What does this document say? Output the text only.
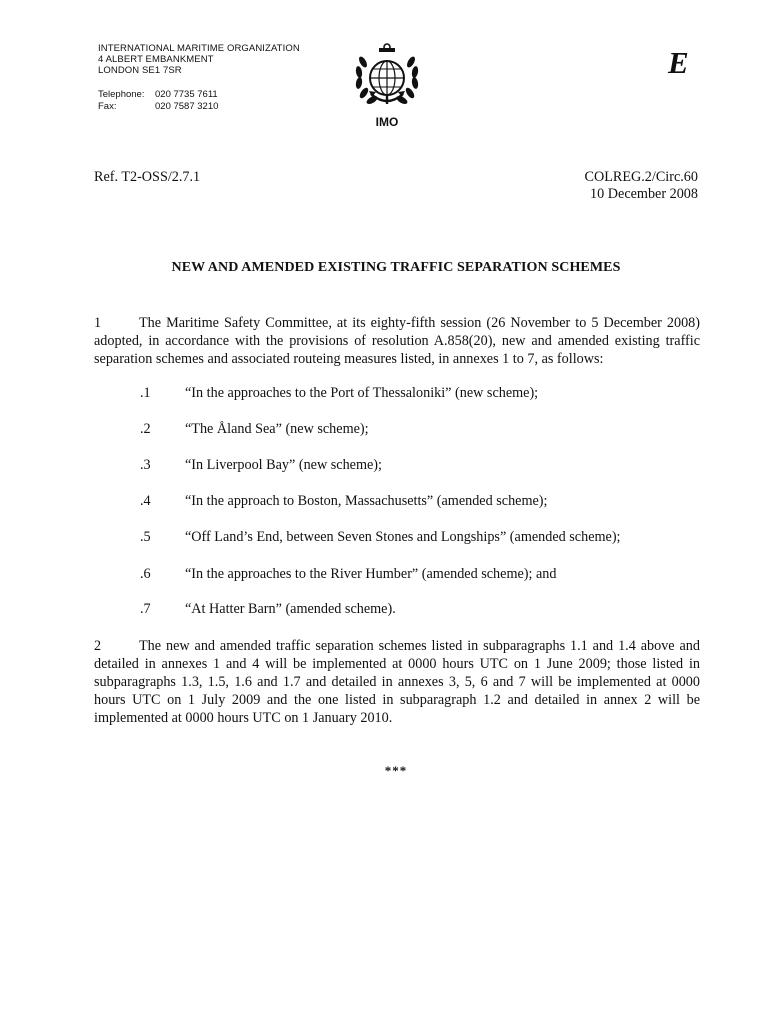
INTERNATIONAL MARITIME ORGANIZATION
4 ALBERT EMBANKMENT
LONDON SE1 7SR
Telephone:	020 7735 7611
Fax:	020 7587 3210
IMO
E
Ref. T2-OSS/2.7.1	COLREG.2/Circ.60
10 December 2008
NEW AND AMENDED EXISTING TRAFFIC SEPARATION SCHEMES
1	The Maritime Safety Committee, at its eighty-fifth session (26 November to 5 December 2008) adopted, in accordance with the provisions of resolution A.858(20), new and amended existing traffic separation schemes and associated routeing measures listed, in annexes 1 to 7, as follows:
.1 “In the approaches to the Port of Thessaloniki” (new scheme);
.2 “The Åland Sea” (new scheme);
.3 “In Liverpool Bay” (new scheme);
.4 “In the approach to Boston, Massachusetts” (amended scheme);
.5 “Off Land’s End, between Seven Stones and Longships” (amended scheme);
.6 “In the approaches to the River Humber” (amended scheme); and
.7 “At Hatter Barn” (amended scheme).
2	The new and amended traffic separation schemes listed in subparagraphs 1.1 and 1.4 above and detailed in annexes 1 and 4 will be implemented at 0000 hours UTC on 1 June 2009; those listed in subparagraphs 1.3, 1.5, 1.6 and 1.7 and detailed in annexes 3, 5, 6 and 7 will be implemented at 0000 hours UTC on 1 July 2009 and the one listed in subparagraph 1.2 and detailed in annex 2 will be implemented at 0000 hours UTC on 1 January 2010.
***
